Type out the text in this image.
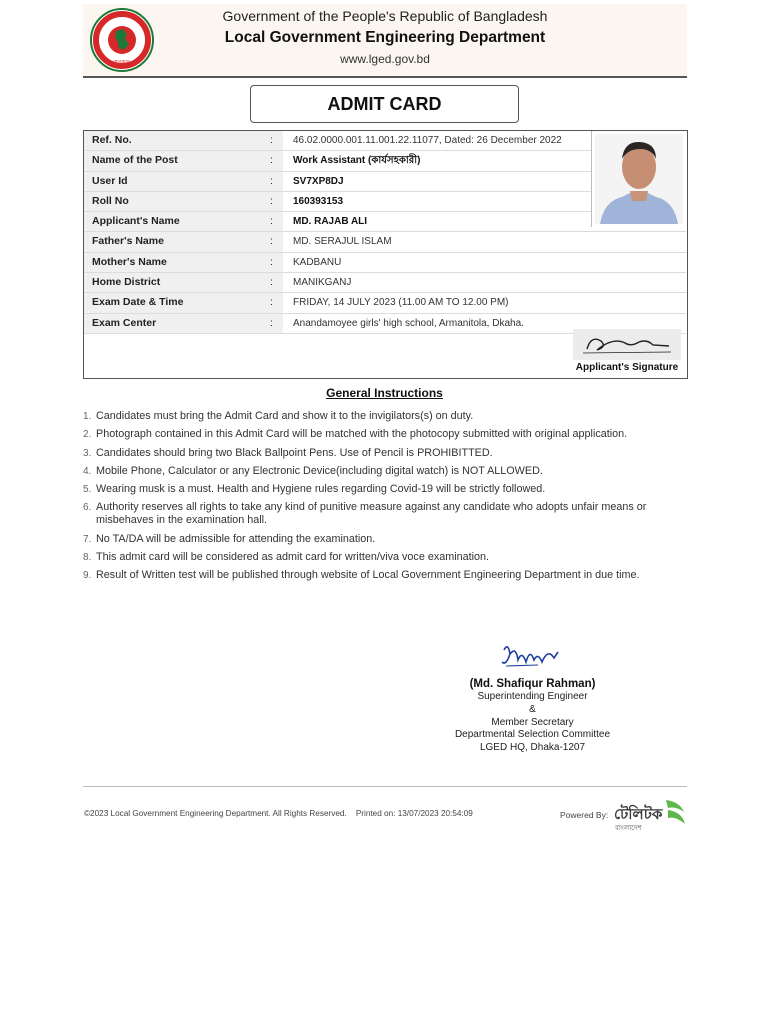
সরকার
Government of the People's Republic of Bangladesh
Local Government Engineering Department
www.lged.gov.bd
ADMIT CARD
Ref. No.	: 46.02.0000.001.11.001.22.11077, Dated: 26 December 2022
Name of the Post	: Work Assistant (কার্যসহকারী)
User Id	: SV7XP8DJ
Roll No	: 160393153
Applicant's Name	: MD. RAJAB ALI
Father's Name	: MD. SERAJUL ISLAM
Mother's Name	: KADBANU
Home District	: MANIKGANJ
Exam Date & Time	: FRIDAY, 14 JULY 2023 (11.00 AM TO 12.00 PM)
Exam Center	: Anandamoyee girls' high school, Armanitola, Dkaha.
Applicant's Signature
General Instructions
1. Candidates must bring the Admit Card and show it to the invigilators(s) on duty.
2. Photograph contained in this Admit Card will be matched with the photocopy submitted with original application.
3. Candidates should bring two Black Ballpoint Pens. Use of Pencil is PROHIBITTED.
4. Mobile Phone, Calculator or any Electronic Device(including digital watch) is NOT ALLOWED.
5. Wearing musk is a must. Health and Hygiene rules regarding Covid-19 will be strictly followed.
6. Authority reserves all rights to take any kind of punitive measure against any candidate who adopts unfair means or misbehaves in the examination hall.
7. No TA/DA will be admissible for attending the examination.
8. This admit card will be considered as admit card for written/viva voce examination.
9. Result of Written test will be published through website of Local Government Engineering Department in due time.
(Md. Shafiqur Rahman)
Superintending Engineer
&
Member Secretary
Departmental Selection Committee
LGED HQ, Dhaka-1207
©2023 Local Government Engineering Department. All Rights Reserved. Printed on: 13/07/2023 20:54:09	Powered By: টেলিটক
বাংলাদেশ
